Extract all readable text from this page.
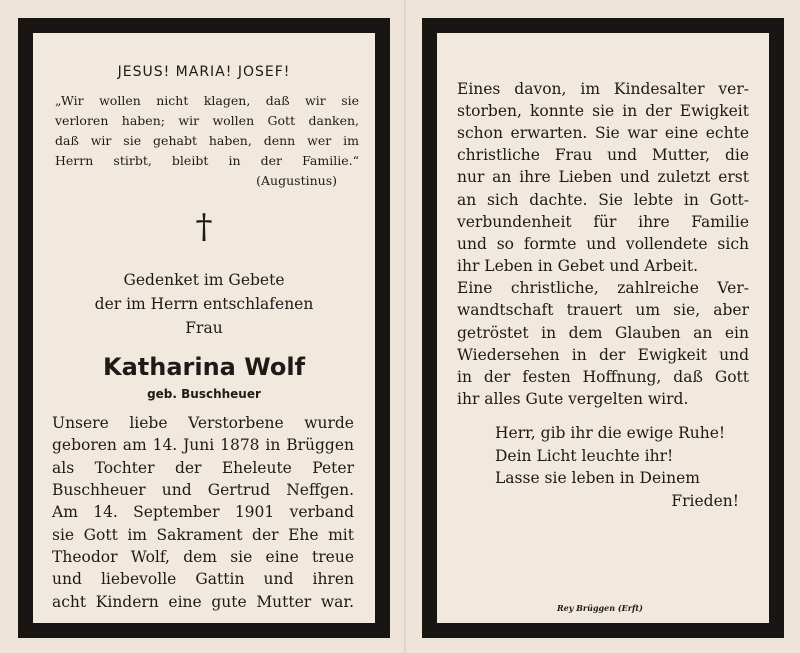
JESUS! MARIA! JOSEF!
„Wir wollen nicht klagen, daß wir sie
verloren haben; wir wollen Gott danken,
daß wir sie gehabt haben, denn wer im
Herrn stirbt, bleibt in der Familie.“
(Augustinus)
†
Gedenket im Gebete
der im Herrn entschlafenen
Frau
Katharina Wolf
geb. Buschheuer
Unsere liebe Verstorbene wurde
geboren am 14. Juni 1878 in Brüggen
als Tochter der Eheleute Peter
Buschheuer und Gertrud Neffgen.
Am 14. September 1901 verband
sie Gott im Sakrament der Ehe mit
Theodor Wolf, dem sie eine treue
und liebevolle Gattin und ihren
acht Kindern eine gute Mutter war.
Eines davon, im Kindesalter ver-
storben, konnte sie in der Ewigkeit
schon erwarten. Sie war eine echte
christliche Frau und Mutter, die
nur an ihre Lieben und zuletzt erst
an sich dachte. Sie lebte in Gott-
verbundenheit für ihre Familie
und so formte und vollendete sich
ihr Leben in Gebet und Arbeit.
Eine christliche, zahlreiche Ver-
wandtschaft trauert um sie, aber
getröstet in dem Glauben an ein
Wiedersehen in der Ewigkeit und
in der festen Hoffnung, daß Gott
ihr alles Gute vergelten wird.
Herr, gib ihr die ewige Ruhe!
Dein Licht leuchte ihr!
Lasse sie leben in Deinem
Frieden!
Rey Brüggen (Erft)
